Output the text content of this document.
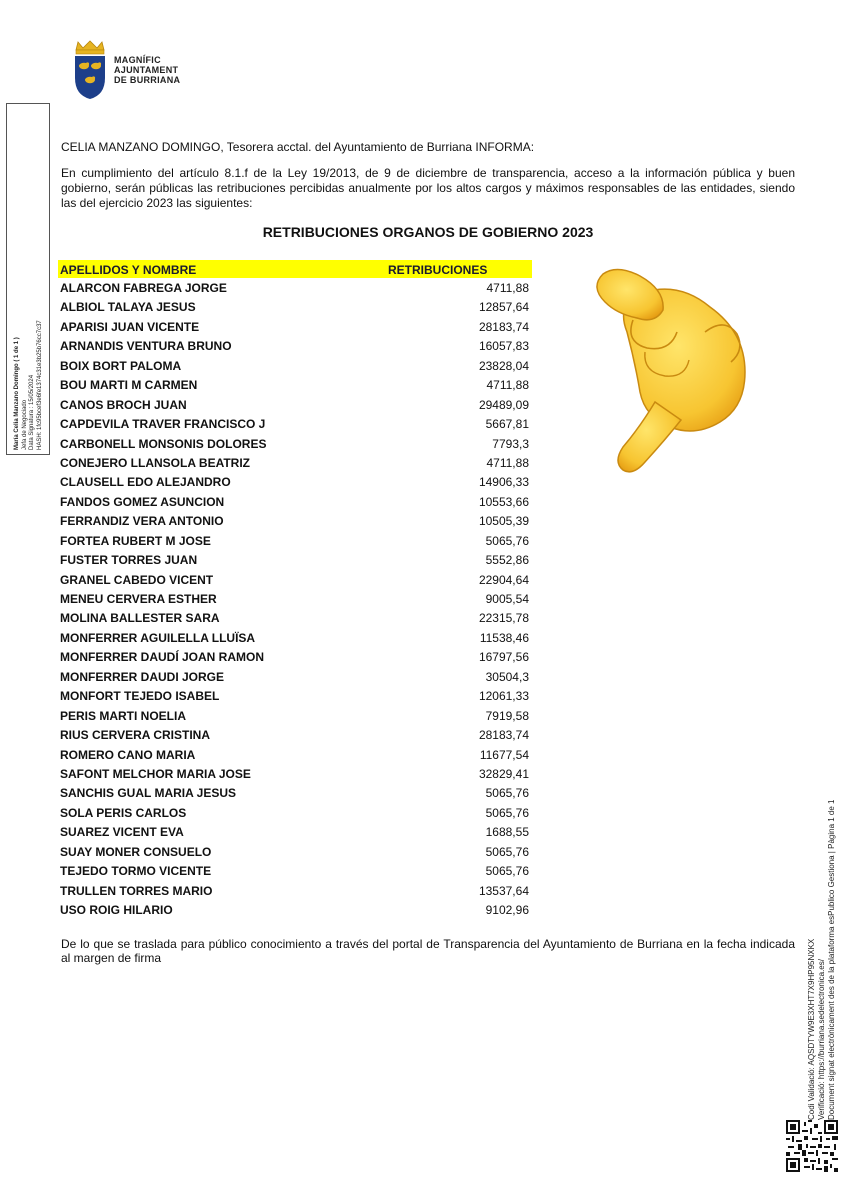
MAGNÍFIC
AJUNTAMENT
DE BURRIANA
María Celia Manzano Domingo ( 1 de 1 )
Jefa de Negociado Data Signatura : 15/05/2024 HASH: 1fc95bcef3e6fe1374c31e3b25b76cc7c37
Codi Validació: AQSDTYW9E3XHT7X9HP95NXKX Verificació: https://burriana.sedelectronica.es/ Document signat electrònicament des de la plataforma esPublico Gestiona | Pàgina 1 de 1
CELIA MANZANO DOMINGO, Tesorera acctal. del Ayuntamiento de Burriana INFORMA:
En cumplimiento del artículo 8.1.f de la Ley 19/2013, de 9 de diciembre de transparencia, acceso a la información pública y buen gobierno, serán públicas las retribuciones percibidas anualmente por los altos cargos y máximos responsables de las entidades, siendo las del ejercicio 2023 las siguientes:
RETRIBUCIONES ORGANOS DE GOBIERNO 2023
APELLIDOS Y NOMBRE	RETRIBUCIONES
ALARCON FABREGA JORGE	4711,88
ALBIOL TALAYA JESUS	12857,64
APARISI JUAN VICENTE	28183,74
ARNANDIS VENTURA BRUNO	16057,83
BOIX BORT PALOMA	23828,04
BOU MARTI M CARMEN	4711,88
CANOS BROCH JUAN	29489,09
CAPDEVILA TRAVER FRANCISCO J	5667,81
CARBONELL MONSONIS DOLORES	7793,3
CONEJERO LLANSOLA BEATRIZ	4711,88
CLAUSELL EDO ALEJANDRO	14906,33
FANDOS GOMEZ ASUNCION	10553,66
FERRANDIZ VERA ANTONIO	10505,39
FORTEA RUBERT M JOSE	5065,76
FUSTER TORRES JUAN	5552,86
GRANEL CABEDO VICENT	22904,64
MENEU CERVERA ESTHER	9005,54
MOLINA BALLESTER SARA	22315,78
MONFERRER AGUILELLA LLUÏSA	11538,46
MONFERRER DAUDÍ JOAN RAMON	16797,56
MONFERRER DAUDI JORGE	30504,3
MONFORT TEJEDO ISABEL	12061,33
PERIS MARTI NOELIA	7919,58
RIUS CERVERA CRISTINA	28183,74
ROMERO CANO MARIA	11677,54
SAFONT MELCHOR MARIA JOSE	32829,41
SANCHIS GUAL MARIA JESUS	5065,76
SOLA PERIS CARLOS	5065,76
SUAREZ VICENT EVA	1688,55
SUAY MONER CONSUELO	5065,76
TEJEDO TORMO VICENTE	5065,76
TRULLEN TORRES MARIO	13537,64
USO ROIG HILARIO	9102,96
De lo que se traslada para público conocimiento a través del portal de Transparencia del Ayuntamiento de Burriana en la fecha indicada al margen de firma
